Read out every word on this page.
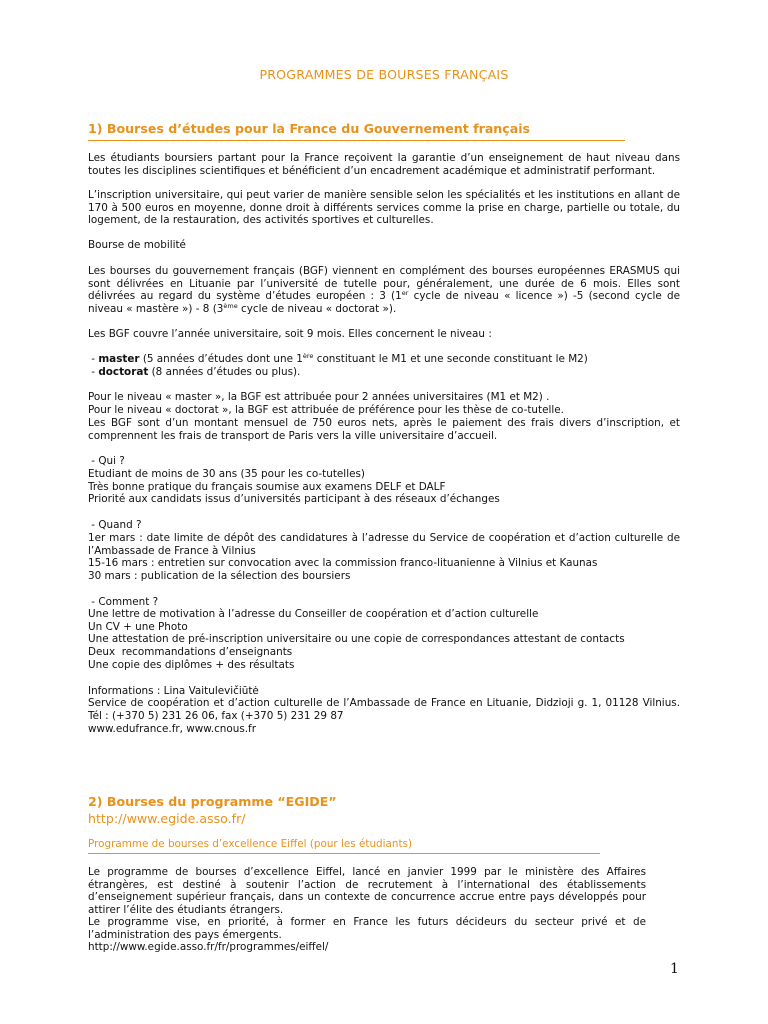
PROGRAMMES DE BOURSES FRANÇAIS
1) Bourses d’études pour la France du Gouvernement français
Les étudiants boursiers partant pour la France reçoivent la garantie d’un enseignement de haut niveau dans toutes les disciplines scientifiques et bénéficient d’un encadrement académique et administratif performant.
L’inscription universitaire, qui peut varier de manière sensible selon les spécialités et les institutions en allant de 170 à 500 euros en moyenne, donne droit à différents services comme la prise en charge, partielle ou totale, du logement, de la restauration, des activités sportives et culturelles.
Bourse de mobilité
Les bourses du gouvernement français (BGF) viennent en complément des bourses européennes ERASMUS qui sont délivrées en Lituanie par l’université de tutelle pour, généralement, une durée de 6 mois. Elles sont délivrées au regard du système d’études européen : 3 (1er cycle de niveau « licence ») -5 (second cycle de niveau « mastère ») - 8 (3ème cycle de niveau « doctorat »).
Les BGF couvre l’année universitaire, soit 9 mois. Elles concernent le niveau :
- master (5 années d’études dont une 1ère constituant le M1 et une seconde constituant le M2)
- doctorat (8 années d’études ou plus).
Pour le niveau « master », la BGF est attribuée pour 2 années universitaires (M1 et M2) .
Pour le niveau « doctorat », la BGF est attribuée de préférence pour les thèse de co-tutelle.
Les BGF sont d’un montant mensuel de 750 euros nets, après le paiement des frais divers d’inscription, et comprennent les frais de transport de Paris vers la ville universitaire d’accueil.
- Qui ?
Etudiant de moins de 30 ans (35 pour les co-tutelles)
Très bonne pratique du français soumise aux examens DELF et DALF
Priorité aux candidats issus d’universités participant à des réseaux d’échanges
- Quand ?
1er mars : date limite de dépôt des candidatures à l’adresse du Service de coopération et d’action culturelle de l’Ambassade de France à Vilnius
15-16 mars : entretien sur convocation avec la commission franco-lituanienne à Vilnius et Kaunas
30 mars : publication de la sélection des boursiers
- Comment ?
Une lettre de motivation à l’adresse du Conseiller de coopération et d’action culturelle
Un CV + une Photo
Une attestation de pré-inscription universitaire ou une copie de correspondances attestant de contacts
Deux  recommandations d’enseignants
Une copie des diplômes + des résultats
Informations : Lina Vaitulevičiūtė
Service de coopération et d’action culturelle de l’Ambassade de France en Lituanie, Didzioji g. 1, 01128 Vilnius. Tél : (+370 5) 231 26 06, fax (+370 5) 231 29 87
www.edufrance.fr, www.cnous.fr
2) Bourses du programme “EGIDE”
http://www.egide.asso.fr/
Programme de bourses d’excellence Eiffel (pour les étudiants)
Le programme de bourses d’excellence Eiffel, lancé en janvier 1999 par le ministère des Affaires étrangères, est destiné à soutenir l’action de recrutement à l’international des établissements d’enseignement supérieur français, dans un contexte de concurrence accrue entre pays développés pour attirer l’élite des étudiants étrangers.
Le programme vise, en priorité, à former en France les futurs décideurs du secteur privé et de l’administration des pays émergents.
http://www.egide.asso.fr/fr/programmes/eiffel/
1
